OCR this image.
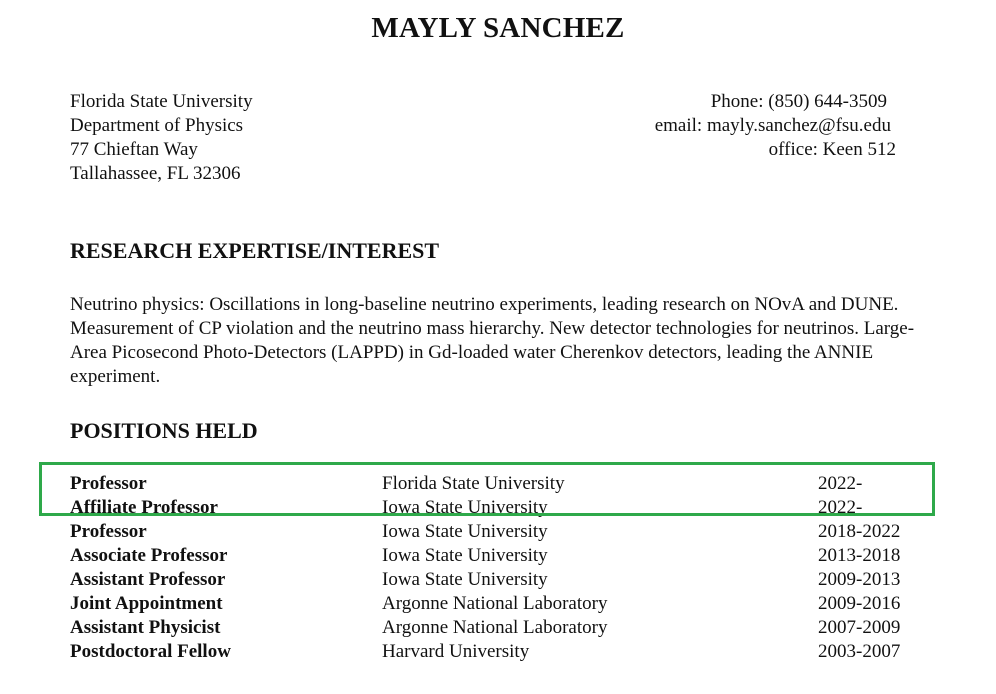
MAYLY SANCHEZ
Florida State University
Department of Physics
77 Chieftan Way
Tallahassee, FL 32306
Phone: (850) 644-3509
email: mayly.sanchez@fsu.edu
office: Keen 512
RESEARCH EXPERTISE/INTEREST
Neutrino physics: Oscillations in long-baseline neutrino experiments, leading research on NOvA and DUNE. Measurement of CP violation and the neutrino mass hierarchy. New detector technologies for neutrinos. Large-Area Picosecond Photo-Detectors (LAPPD) in Gd-loaded water Cherenkov detectors, leading the ANNIE experiment.
POSITIONS HELD
Professor	Florida State University	2022-
Affiliate Professor	Iowa State University	2022-
Professor	Iowa State University	2018-2022
Associate Professor	Iowa State University	2013-2018
Assistant Professor	Iowa State University	2009-2013
Joint Appointment	Argonne National Laboratory	2009-2016
Assistant Physicist	Argonne National Laboratory	2007-2009
Postdoctoral Fellow	Harvard University	2003-2007
